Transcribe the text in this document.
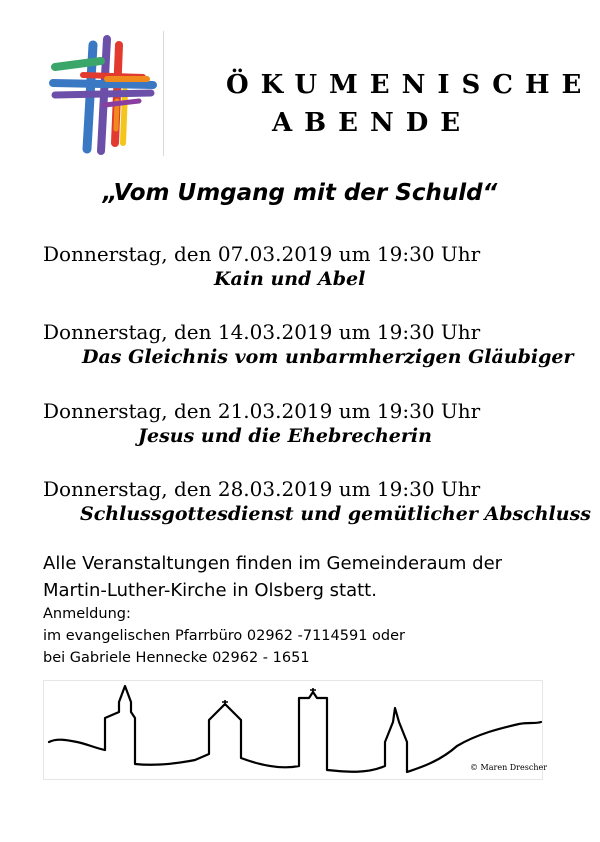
ÖKUMENISCHE
ABENDE
„Vom Umgang mit der Schuld“
Donnerstag, den 07.03.2019 um 19:30 Uhr
Kain und Abel
Donnerstag, den 14.03.2019 um 19:30 Uhr
Das Gleichnis vom unbarmherzigen Gläubiger
Donnerstag, den 21.03.2019 um 19:30 Uhr
Jesus und die Ehebrecherin
Donnerstag, den 28.03.2019 um 19:30 Uhr
Schlussgottesdienst und gemütlicher Abschluss
Alle Veranstaltungen finden im Gemeinderaum der
Martin-Luther-Kirche in Olsberg statt.
Anmeldung:
im evangelischen Pfarrbüro 02962 -7114591 oder
bei Gabriele Hennecke 02962 - 1651
© Maren Drescher
